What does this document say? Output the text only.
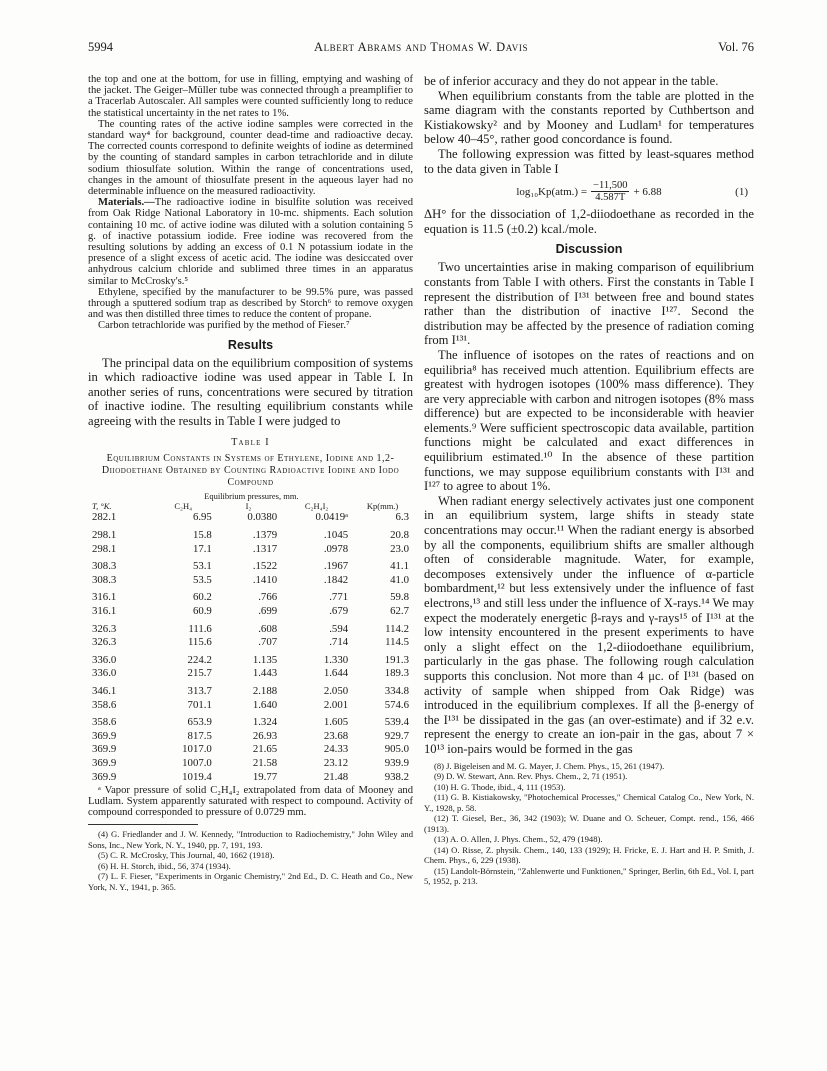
5994	Albert Abrams and Thomas W. Davis	Vol. 76

the top and one at the bottom, for use in filling, emptying and washing of the jacket. The Geiger–Müller tube was connected through a preamplifier to a Tracerlab Autoscaler. All samples were counted sufficiently long to reduce the statistical uncertainty in the net rates to 1%.

The counting rates of the active iodine samples were corrected in the standard way⁴ for background, counter dead-time and radioactive decay. The corrected counts correspond to definite weights of iodine as determined by the counting of standard samples in carbon tetrachloride and in dilute sodium thiosulfate solution. Within the range of concentrations used, changes in the amount of thiosulfate present in the aqueous layer had no determinable influence on the measured radioactivity.

Materials.—The radioactive iodine in bisulfite solution was received from Oak Ridge National Laboratory in 10-mc. shipments. Each solution containing 10 mc. of active iodine was diluted with a solution containing 5 g. of inactive potassium iodide. Free iodine was recovered from the resulting solutions by adding an excess of 0.1 N potassium iodate in the presence of a slight excess of acetic acid. The iodine was desiccated over anhydrous calcium chloride and sublimed three times in an apparatus similar to McCrosky's.⁵

Ethylene, specified by the manufacturer to be 99.5% pure, was passed through a sputtered sodium trap as described by Storch⁶ to remove oxygen and was then distilled three times to reduce the content of propane.

Carbon tetrachloride was purified by the method of Fieser.⁷

Results

The principal data on the equilibrium composition of systems in which radioactive iodine was used appear in Table I. In another series of runs, concentrations were secured by titration of inactive iodine. The resulting equilibrium constants while agreeing with the results in Table I were judged to

Table I
Equilibrium Constants in Systems of Ethylene, Iodine and 1,2-Diiodoethane Obtained by Counting Radioactive Iodine and Iodo Compound
	Equilibrium pressures, mm.			
T, °K.	C₂H₄	I₂	C₂H₄I₂	Kp(mm.)
282.1	6.95	0.0380	0.0419ᵃ	6.3
298.1	15.8	.1379	.1045	20.8
298.1	17.1	.1317	.0978	23.0
308.3	53.1	.1522	.1967	41.1
308.3	53.5	.1410	.1842	41.0
316.1	60.2	.766	.771	59.8
316.1	60.9	.699	.679	62.7
326.3	111.6	.608	.594	114.2
326.3	115.6	.707	.714	114.5
336.0	224.2	1.135	1.330	191.3
336.0	215.7	1.443	1.644	189.3
346.1	313.7	2.188	2.050	334.8
358.6	701.1	1.640	2.001	574.6
358.6	653.9	1.324	1.605	539.4
369.9	817.5	26.93	23.68	929.7
369.9	1017.0	21.65	24.33	905.0
369.9	1007.0	21.58	23.12	939.9
369.9	1019.4	19.77	21.48	938.2

ᵃ Vapor pressure of solid C₂H₄I₂ extrapolated from data of Mooney and Ludlam. System apparently saturated with respect to compound. Activity of compound corresponded to pressure of 0.0729 mm.

(4) G. Friedlander and J. W. Kennedy, "Introduction to Radiochemistry," John Wiley and Sons, Inc., New York, N. Y., 1940, pp. 7, 191, 193.

(5) C. R. McCrosky, This Journal, 40, 1662 (1918).

(6) H. H. Storch, ibid., 56, 374 (1934).

(7) L. F. Fieser, "Experiments in Organic Chemistry," 2nd Ed., D. C. Heath and Co., New York, N. Y., 1941, p. 365.

be of inferior accuracy and they do not appear in the table.

When equilibrium constants from the table are plotted in the same diagram with the constants reported by Cuthbertson and Kistiakowsky² and by Mooney and Ludlam¹ for temperatures below 40–45°, rather good concordance is found.

The following expression was fitted by least-squares method to the data given in Table I

$\log_{10}Kp(atm.) = \frac{-11,500}{4.587T} + 6.88$	(1)

ΔH° for the dissociation of 1,2-diiodoethane as recorded in the equation is 11.5 (±0.2) kcal./mole.

Discussion

Two uncertainties arise in making comparison of equilibrium constants from Table I with others. First the constants in Table I represent the distribution of I¹³¹ between free and bound states rather than the distribution of inactive I¹²⁷. Second the distribution may be affected by the presence of radiation coming from I¹³¹.

The influence of isotopes on the rates of reactions and on equilibria⁸ has received much attention. Equilibrium effects are greatest with hydrogen isotopes (100% mass difference). They are very appreciable with carbon and nitrogen isotopes (8% mass difference) but are expected to be inconsiderable with heavier elements.⁹ Were sufficient spectroscopic data available, partition functions might be calculated and exact differences in equilibrium estimated.¹⁰ In the absence of these partition functions, we may suppose equilibrium constants with I¹³¹ and I¹²⁷ to agree to about 1%.

When radiant energy selectively activates just one component in an equilibrium system, large shifts in steady state concentrations may occur.¹¹ When the radiant energy is absorbed by all the components, equilibrium shifts are smaller although often of considerable magnitude. Water, for example, decomposes extensively under the influence of α-particle bombardment,¹² but less extensively under the influence of fast electrons,¹³ and still less under the influence of X-rays.¹⁴ We may expect the moderately energetic β-rays and γ-rays¹⁵ of I¹³¹ at the low intensity encountered in the present experiments to have only a slight effect on the 1,2-diiodoethane equilibrium, particularly in the gas phase. The following rough calculation supports this conclusion. Not more than 4 μc. of I¹³¹ (based on activity of sample when shipped from Oak Ridge) was introduced in the equilibrium complexes. If all the β-energy of the I¹³¹ be dissipated in the gas (an over-estimate) and if 32 e.v. represent the energy to create an ion-pair in the gas, about 7 × 10¹³ ion-pairs would be formed in the gas

(8) J. Bigeleisen and M. G. Mayer, J. Chem. Phys., 15, 261 (1947).

(9) D. W. Stewart, Ann. Rev. Phys. Chem., 2, 71 (1951).

(10) H. G. Thode, ibid., 4, 111 (1953).

(11) G. B. Kistiakowsky, "Photochemical Processes," Chemical Catalog Co., New York, N. Y., 1928, p. 58.

(12) T. Giesel, Ber., 36, 342 (1903); W. Duane and O. Scheuer, Compt. rend., 156, 466 (1913).

(13) A. O. Allen, J. Phys. Chem., 52, 479 (1948).

(14) O. Risse, Z. physik. Chem., 140, 133 (1929); H. Fricke, E. J. Hart and H. P. Smith, J. Chem. Phys., 6, 229 (1938).

(15) Landolt-Börnstein, "Zahlenwerte und Funktionen," Springer, Berlin, 6th Ed., Vol. I, part 5, 1952, p. 213.
